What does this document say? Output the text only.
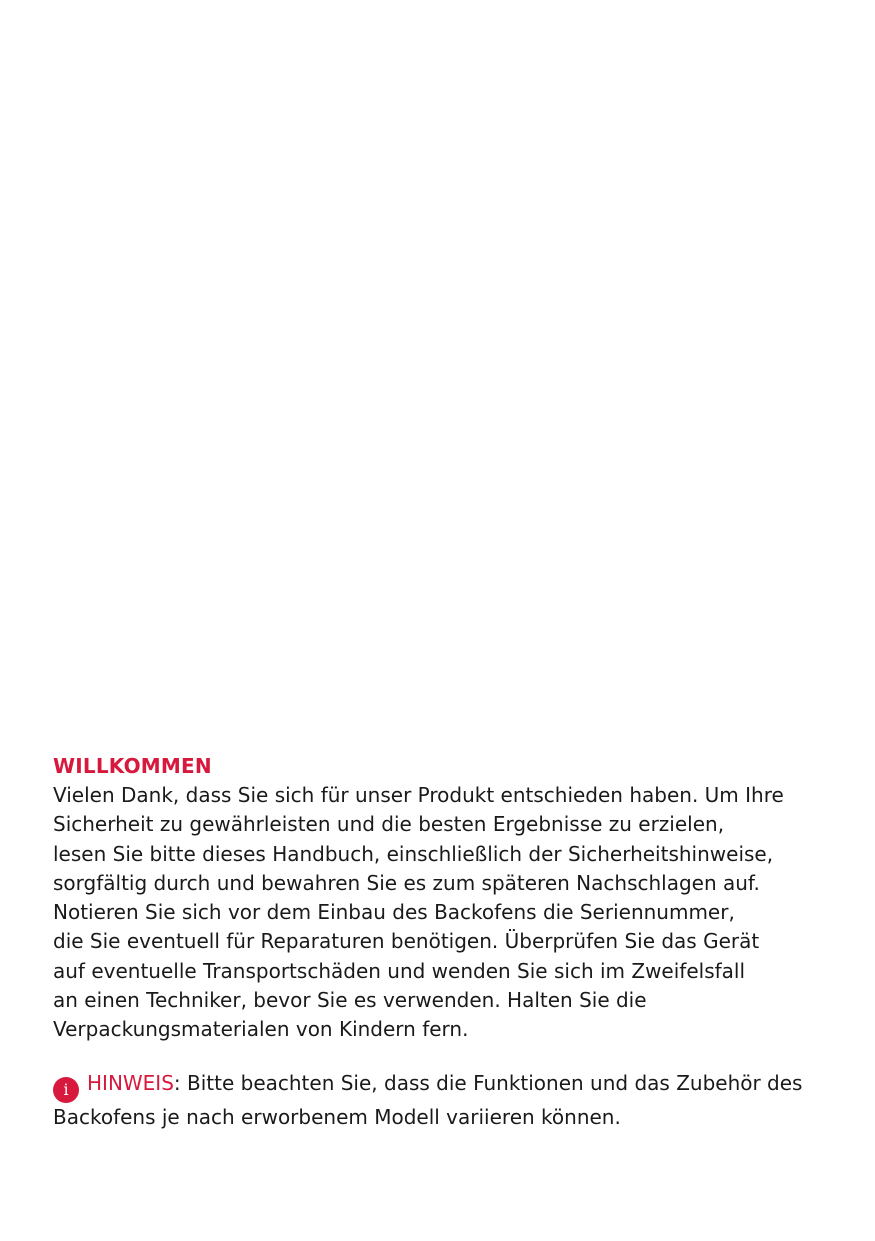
WILLKOMMEN
Vielen Dank, dass Sie sich für unser Produkt entschieden haben. Um Ihre
Sicherheit zu gewährleisten und die besten Ergebnisse zu erzielen,
lesen Sie bitte dieses Handbuch, einschließlich der Sicherheitshinweise,
sorgfältig durch und bewahren Sie es zum späteren Nachschlagen auf.
Notieren Sie sich vor dem Einbau des Backofens die Seriennummer,
die Sie eventuell für Reparaturen benötigen. Überprüfen Sie das Gerät
auf eventuelle Transportschäden und wenden Sie sich im Zweifelsfall
an einen Techniker, bevor Sie es verwenden. Halten Sie die
Verpackungsmaterialen von Kindern fern.
i HINWEIS: Bitte beachten Sie, dass die Funktionen und das Zubehör des
Backofens je nach erworbenem Modell variieren können.
